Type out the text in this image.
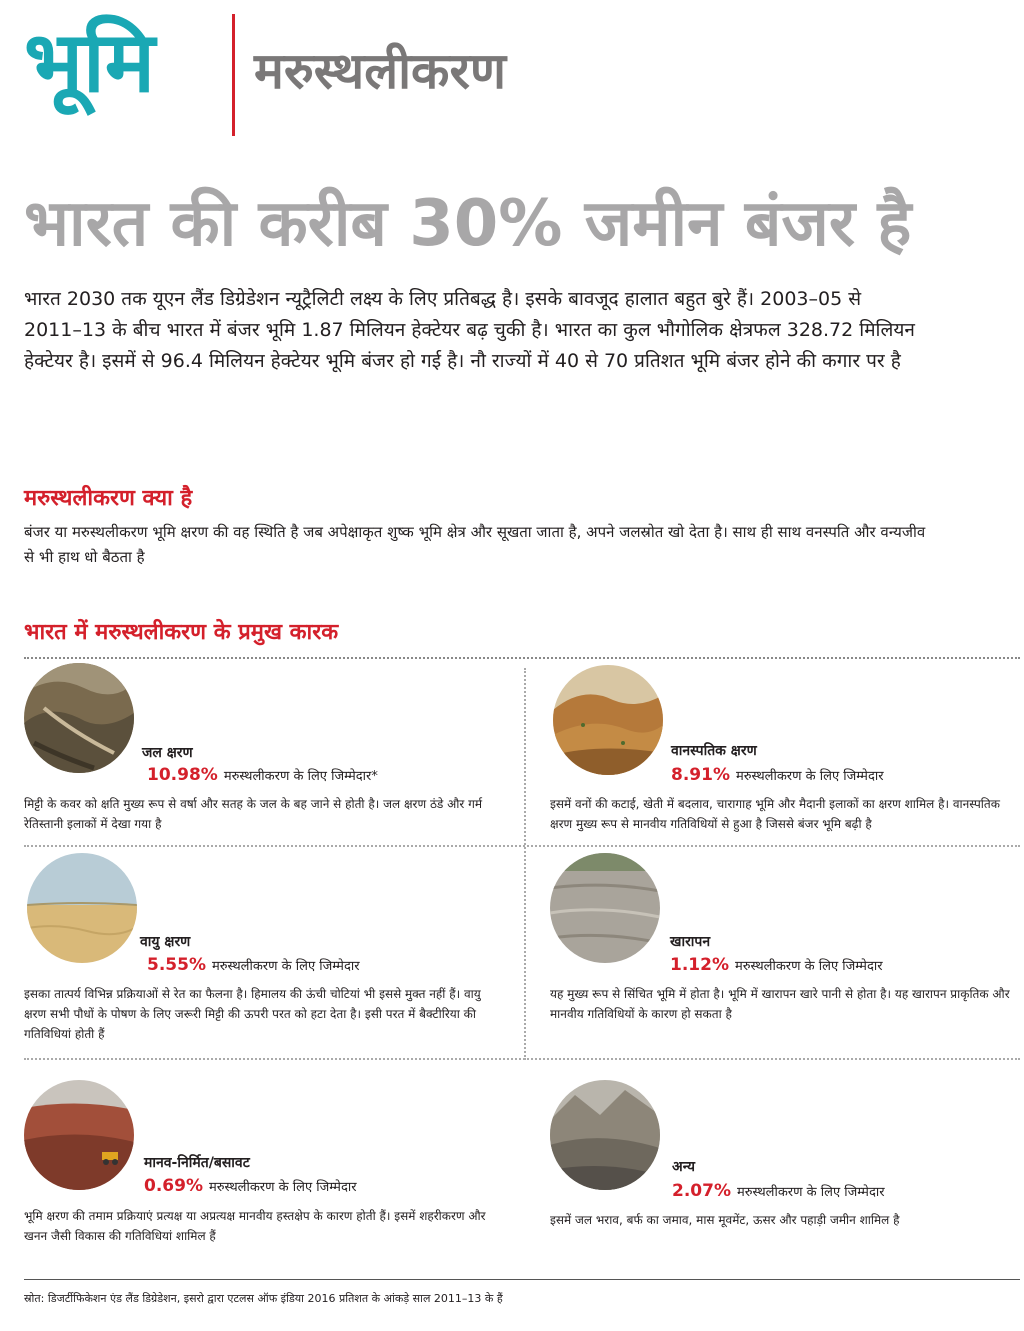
भूमि मरुस्थलीकरण
भारत की करीब 30% जमीन बंजर है

भारत 2030 तक यूएन लैंड डिग्रेडेशन न्यूट्रैलिटी लक्ष्य के लिए प्रतिबद्ध है। इसके बावजूद हालात बहुत बुरे हैं। 2003–05 से 2011–13 के बीच भारत में बंजर भूमि 1.87 मिलियन हेक्टेयर बढ़ चुकी है। भारत का कुल भौगोलिक क्षेत्रफल 328.72 मिलियन हेक्टेयर है। इसमें से 96.4 मिलियन हेक्टेयर भूमि बंजर हो गई है। नौ राज्यों में 40 से 70 प्रतिशत भूमि बंजर होने की कगार पर है

मरुस्थलीकरण क्या है

बंजर या मरुस्थलीकरण भूमि क्षरण की वह स्थिति है जब अपेक्षाकृत शुष्क भूमि क्षेत्र और सूखता जाता है, अपने जलस्रोत खो देता है। साथ ही साथ वनस्पति और वन्यजीव से भी हाथ धो बैठता है

भारत में मरुस्थलीकरण के प्रमुख कारक
जल क्षरण
10.98% मरुस्थलीकरण के लिए जिम्मेदार*

मिट्टी के कवर को क्षति मुख्य रूप से वर्षा और सतह के जल के बह जाने से होती है। जल क्षरण ठंडे और गर्म रेतिस्तानी इलाकों में देखा गया है

वानस्पतिक क्षरण
8.91% मरुस्थलीकरण के लिए जिम्मेदार

इसमें वनों की कटाई, खेती में बदलाव, चारागाह भूमि और मैदानी इलाकों का क्षरण शामिल है। वानस्पतिक क्षरण मुख्य रूप से मानवीय गतिविधियों से हुआ है जिससे बंजर भूमि बढ़ी है

वायु क्षरण
5.55% मरुस्थलीकरण के लिए जिम्मेदार

इसका तात्पर्य विभिन्न प्रक्रियाओं से रेत का फैलना है। हिमालय की ऊंची चोटियां भी इससे मुक्त नहीं हैं। वायु क्षरण सभी पौधों के पोषण के लिए जरूरी मिट्टी की ऊपरी परत को हटा देता है। इसी परत में बैक्टीरिया की गतिविधियां होती हैं

खारापन
1.12% मरुस्थलीकरण के लिए जिम्मेदार

यह मुख्य रूप से सिंचित भूमि में होता है। भूमि में खारापन खारे पानी से होता है। यह खारापन प्राकृतिक और मानवीय गतिविधियों के कारण हो सकता है

मानव-निर्मित/बसावट
0.69% मरुस्थलीकरण के लिए जिम्मेदार

भूमि क्षरण की तमाम प्रक्रियाएं प्रत्यक्ष या अप्रत्यक्ष मानवीय हस्तक्षेप के कारण होती हैं। इसमें शहरीकरण और खनन जैसी विकास की गतिविधियां शामिल हैं

अन्य
2.07% मरुस्थलीकरण के लिए जिम्मेदार

इसमें जल भराव, बर्फ का जमाव, मास मूवमेंट, ऊसर और पहाड़ी जमीन शामिल है

स्रोत: डिजर्टीफिकेशन एंड लैंड डिग्रेडेशन, इसरो द्वारा एटलस ऑफ इंडिया 2016 प्रतिशत के आंकड़े साल 2011–13 के हैं
